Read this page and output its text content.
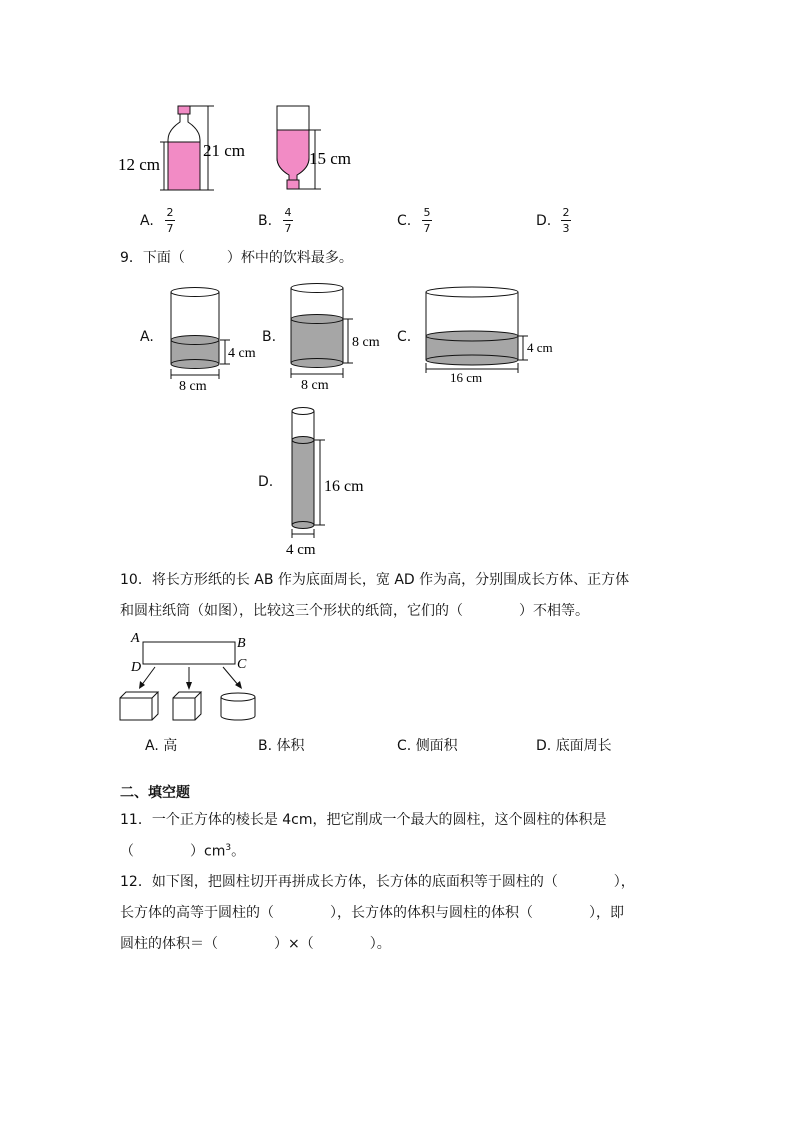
12 cm
21 cm	15 cm
A.
2
7	B.
4
7	C.
5
7	D.
2
3
9．下面（　　　）杯中的饮料最多。
A.
4 cm
8 cm
B.	8 cm
8 cm
C.
4 cm
16 cm
D.	16 cm
4 cm
10．将长方形纸的长 AB 作为底面周长，宽 AD 作为高，分别围成长方体、正方体
和圆柱纸筒（如图），比较这三个形状的纸筒，它们的（　　　　）不相等。
A	B
D	C
A. 高	B. 体积	C. 侧面积	D. 底面周长
二、填空题
11．一个正方体的棱长是 4cm，把它削成一个最大的圆柱，这个圆柱的体积是
（　　　　）$cm^3$。
12．如下图，把圆柱切开再拼成长方体，长方体的底面积等于圆柱的（　　　　），
长方体的高等于圆柱的（　　　　），长方体的体积与圆柱的体积（　　　　），即
圆柱的体积＝（　　　　）×（　　　　）。
